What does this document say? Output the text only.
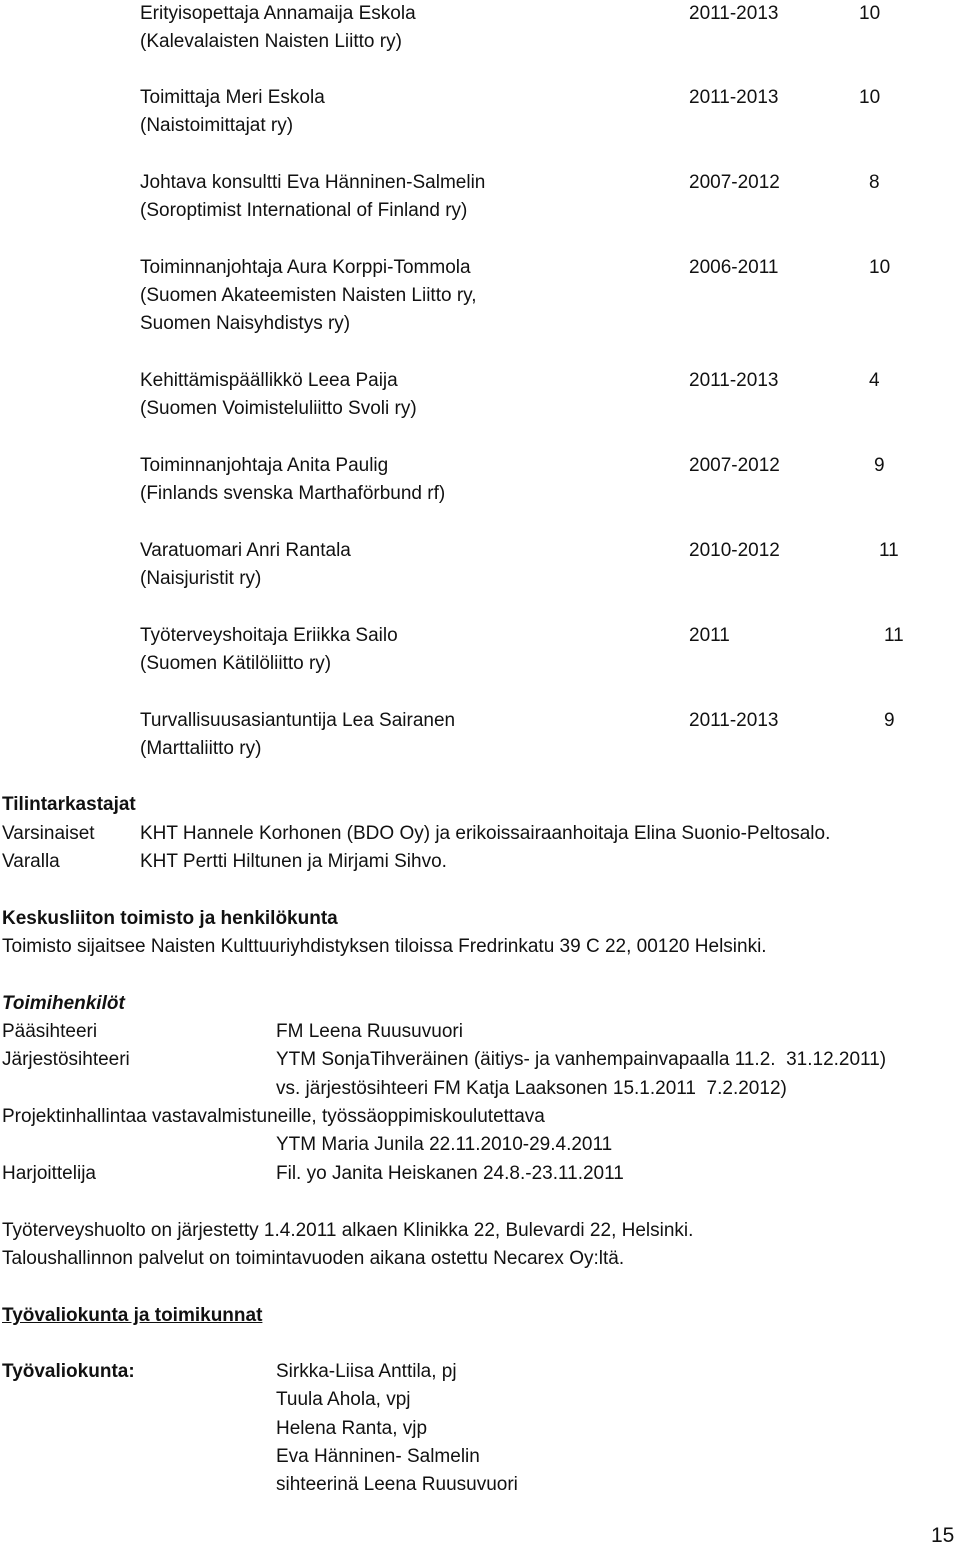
Erityisopettaja Annamaija Eskola
(Kalevalaisten Naisten Liitto ry)
2011-2013	10
Toimittaja Meri Eskola
(Naistoimittajat ry)
2011-2013	10
Johtava konsultti Eva Hänninen-Salmelin
(Soroptimist International of Finland ry)
2007-2012	8
Toiminnanjohtaja Aura Korppi-Tommola
(Suomen Akateemisten Naisten Liitto ry,
Suomen Naisyhdistys ry)
2006-2011	10
Kehittämispäällikkö Leea Paija
(Suomen Voimisteluliitto Svoli ry)
2011-2013	4
Toiminnanjohtaja Anita Paulig
(Finlands svenska Marthaförbund rf)
2007-2012	9
Varatuomari Anri Rantala
(Naisjuristit ry)
2010-2012	11
Työterveyshoitaja Eriikka Sailo
(Suomen Kätilöliitto ry)
2011	11
Turvallisuusasiantuntija Lea Sairanen
(Marttaliitto ry)
2011-2013	9
Tilintarkastajat
Varsinaiset KHT Hannele Korhonen (BDO Oy) ja erikoissairaanhoitaja Elina Suonio-Peltosalo.
Varalla	KHT Pertti Hiltunen ja Mirjami Sihvo.
Keskusliiton toimisto ja henkilökunta
Toimisto sijaitsee Naisten Kulttuuriyhdistyksen tiloissa Fredrinkatu 39 C 22, 00120 Helsinki.
Toimihenkilöt
Pääsihteeri	FM Leena Ruusuvuori
Järjestösihteeri	YTM SonjaTihveräinen (äitiys- ja vanhempainvapaalla 11.2.  31.12.2011)
vs. järjestösihteeri FM Katja Laaksonen 15.1.2011  7.2.2012)
Projektinhallintaa vastavalmistuneille, työssäoppimiskoulutettava
YTM Maria Junila 22.11.2010-29.4.2011
Harjoittelija	Fil. yo Janita Heiskanen 24.8.-23.11.2011
Työterveyshuolto on järjestetty 1.4.2011 alkaen Klinikka 22, Bulevardi 22, Helsinki.
Taloushallinnon palvelut on toimintavuoden aikana ostettu Necarex Oy:ltä.
Työvaliokunta ja toimikunnat
Työvaliokunta:	Sirkka-Liisa Anttila, pj
Tuula Ahola, vpj
Helena Ranta, vjp
Eva Hänninen- Salmelin
sihteerinä Leena Ruusuvuori
15
